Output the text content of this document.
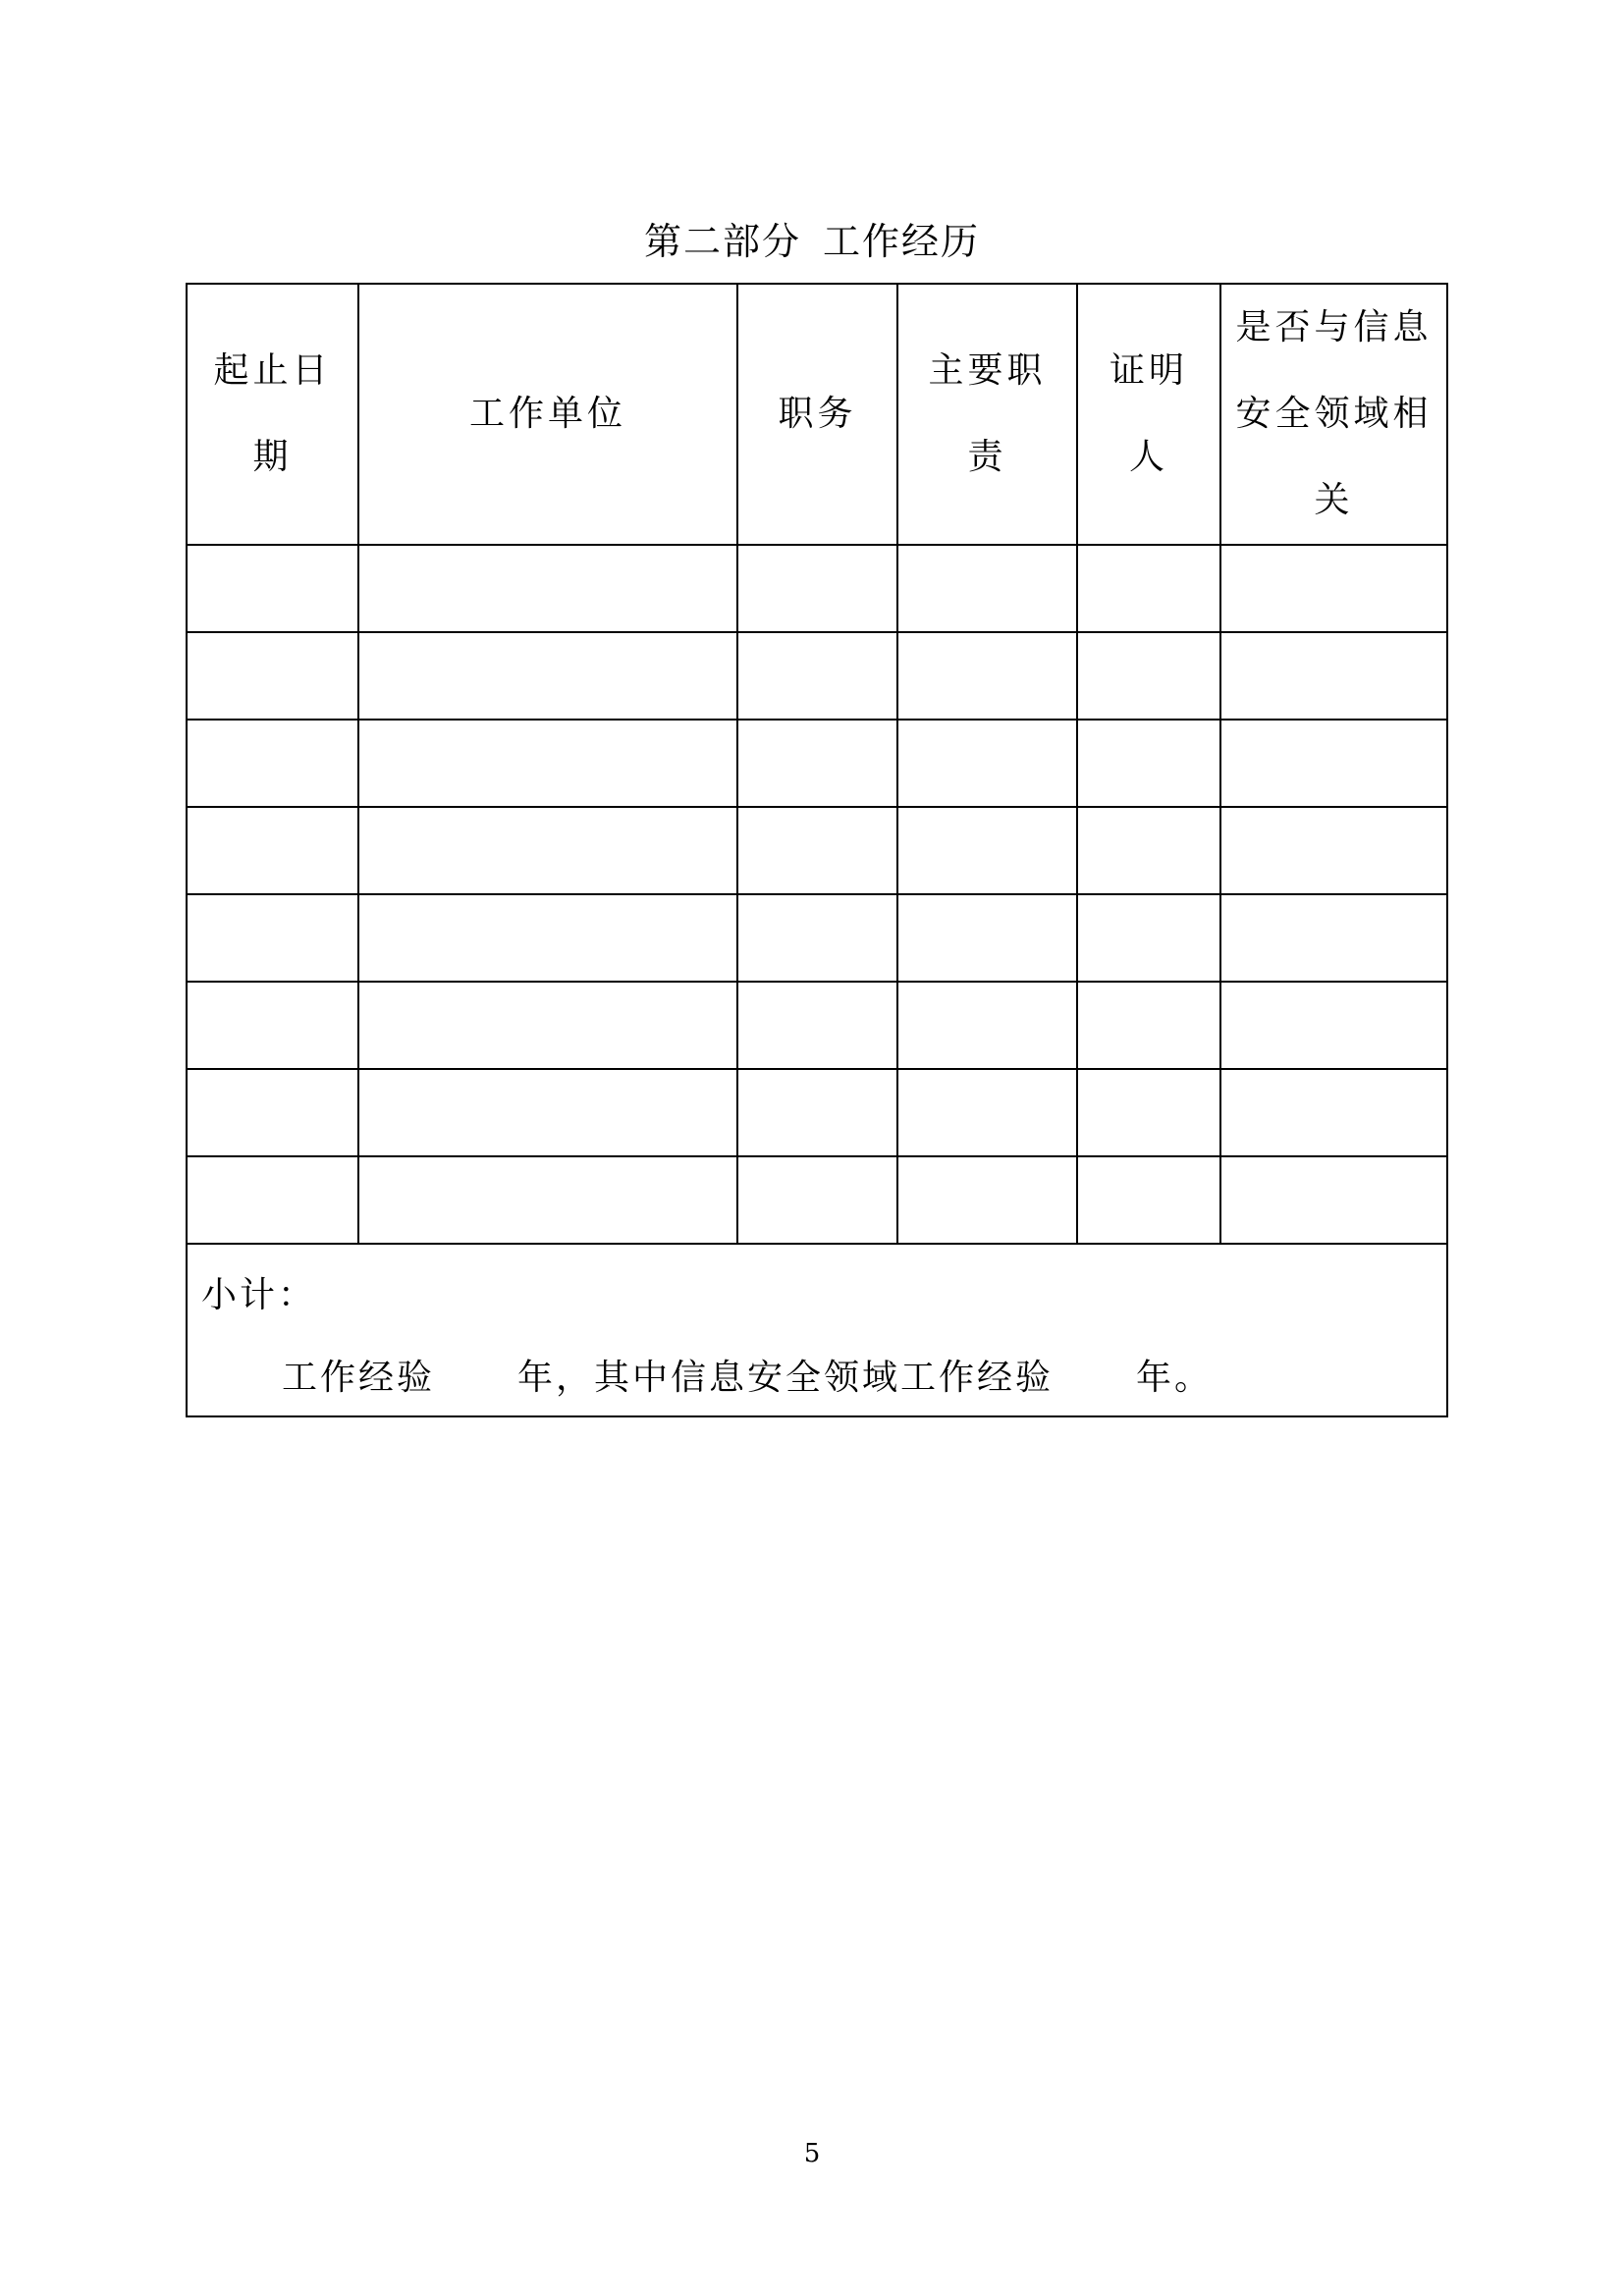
第二部分 工作经历
起止日期	工作单位	职务	主要职责	证明人	是否与信息安全领域相关

小计：
工作经验 年，其中信息安全领域工作经验 年。					
5
